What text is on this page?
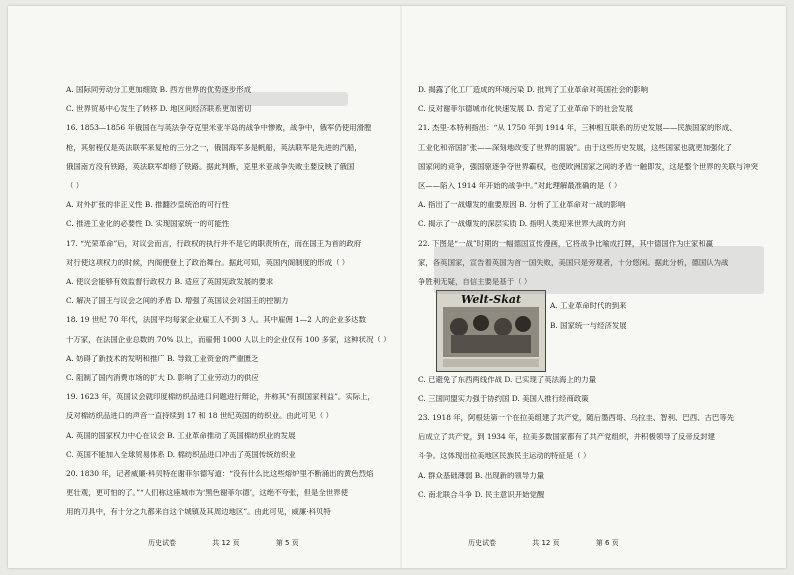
A. 国际同劳动分工更加细致 B. 西方世界的优势逐步形成
C. 世界贸易中心发生了转移 D. 地区间经济联系更加密切
16. 1853—1856 年俄国在与英法争夺克里米亚半岛的战争中惨败，战争中，俄军仍使用滑膛
枪，其射程仅是英法联军来复枪的三分之一，俄国海军多是帆船，英法联军是先进的汽船，
俄国南方没有铁路，英法联军却修了铁路。据此判断，克里米亚战争失败主要反映了俄国
（ ）
A. 对外扩张的非正义性 B. 推翻沙皇统治的可行性
C. 推进工业化的必要性 D. 实现国家统一的可能性
17. “光荣革命”后，对议会而言，行政权的执行并不是它的职责所在，而在国王为首的政府
对行使这项权力的时候，内阁便登上了政治舞台。据此可知，英国内阁制度的形成（ ）
A. 使议会能够有效监督行政权力 B. 适应了英国宪政发展的要求
C. 解决了国王与议会之间的矛盾 D. 增强了英国议会对国王的控制力
18. 19 世纪 70 年代，法国平均每家企业雇工人不到 3 人。其中雇佣 1—2 人的企业多达数
十万家，在法国企业总数的 70% 以上，而雇佣 1000 人以上的企业仅有 100 多家，这种状况（ ）
A. 妨碍了新技术的发明和推广 B. 导致工业资金的严重匮乏
C. 阻制了国内消费市场的扩大 D. 影响了工业劳动力的供应
19. 1623 年，英国议会就印度棉纺织品进口问题进行辩论，并称其“有损国家利益”。实际上，
反对棉纺织品进口的声音一直持续到 17 和 18 世纪英国的纺织业。由此可见（ ）
A. 英国的国家权力中心在议会 B. 工业革命推动了英国棉纺织业的发展
C. 英国不能加入全球贸易体系 D. 棉纺织品进口冲击了英国传统纺织业
20. 1830 年，记者威廉·科贝特在谢菲尔德写道：“没有什么比这些熔炉里不断涌出的黄色烈焰
更壮观，更可怕的了。”“人们称这座城市为‘黑色谢菲尔德’，这绝不夸张，但是全世界使
用的刀具中，有十分之九都来自这个城镇及其周边地区”。由此可见，威廉·科贝特
D. 揭露了化工厂造成的环境污染 D. 批判了工业革命对英国社会的影响
C. 反对谢菲尔德城市化快速发展 D. 肯定了工业革命下的社会发展
21. 杰里·本特利指出：“从 1750 年到 1914 年，三种相互联系的历史发展——民族国家的形成、
工业化和帝国扩张——深刻地改变了世界的面貌”。由于这些历史发展，这些国家也就更加强化了
国家间的竞争，强国驱逐争夺世界霸权，也使欧洲国家之间的矛盾一触即发，这是整个世界的关联与冲突
区——陷入 1914 年开始的战争中。”对此理解最准确的是（ ）
A. 指出了一战爆发的重要原因 B. 分析了工业革命对一战的影响
C. 揭示了一战爆发的深层实质 D. 指明人类迎来世界大战的方向
22. 下图是“一战”时期的一幅德国宣传漫画，它将战争比喻成打牌，其中德国作为庄家和赢
家，各英国家，宣告着英国为首一国失败，美国只是旁观者，十分悠闲。据此分析，德国认为战
争胜利无疑，自信主要是基于（ ）
A. 工业革命时代的到来
B. 国家统一与经济发展
C. 已避免了东西两线作战 D. 已实现了英法海上的力量
C. 三国同盟实力强于协约国 D. 美国人推行经商政策
23. 1918 年，阿根廷第一个在拉美组建了共产党，随后墨西哥、乌拉圭、智利、巴西、古巴等先
后成立了共产党，到 1934 年，拉美多数国家都有了共产党组织，并积极领导了反帝反封建
斗争。这体现出拉美地区民族民主运动的特征是（ ）
A. 群众基础薄弱 B. 出现新的领导力量
C. 南北联合斗争 D. 民主意识开始觉醒
Welt-Skat
历史试卷	共 12 页	第 5 页	历史试卷	共 12 页	第 6 页
